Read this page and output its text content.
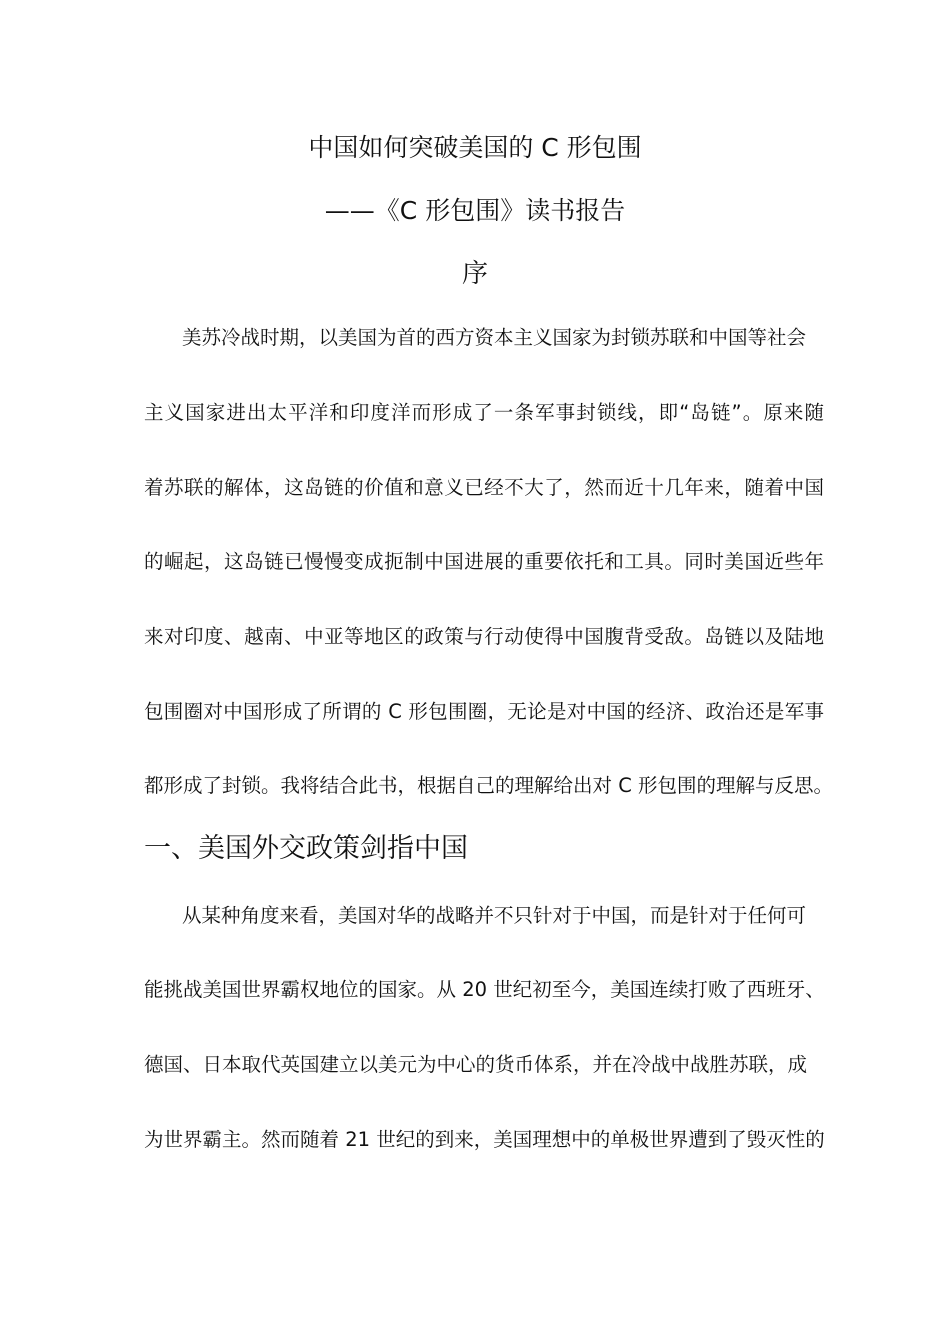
中国如何突破美国的 C 形包围
——《C 形包围》读书报告
序
美苏冷战时期，以美国为首的西方资本主义国家为封锁苏联和中国等社会
主义国家进出太平洋和印度洋而形成了一条军事封锁线，即“岛链”。原来随
着苏联的解体，这岛链的价值和意义已经不大了，然而近十几年来，随着中国
的崛起，这岛链已慢慢变成扼制中国进展的重要依托和工具。同时美国近些年
来对印度、越南、中亚等地区的政策与行动使得中国腹背受敌。岛链以及陆地
包围圈对中国形成了所谓的 C 形包围圈，无论是对中国的经济、政治还是军事
都形成了封锁。我将结合此书，根据自己的理解给出对 C 形包围的理解与反思。
一、美国外交政策剑指中国
从某种角度来看，美国对华的战略并不只针对于中国，而是针对于任何可
能挑战美国世界霸权地位的国家。从 20 世纪初至今，美国连续打败了西班牙、
德国、日本取代英国建立以美元为中心的货币体系，并在冷战中战胜苏联，成
为世界霸主。然而随着 21 世纪的到来，美国理想中的单极世界遭到了毁灭性的
